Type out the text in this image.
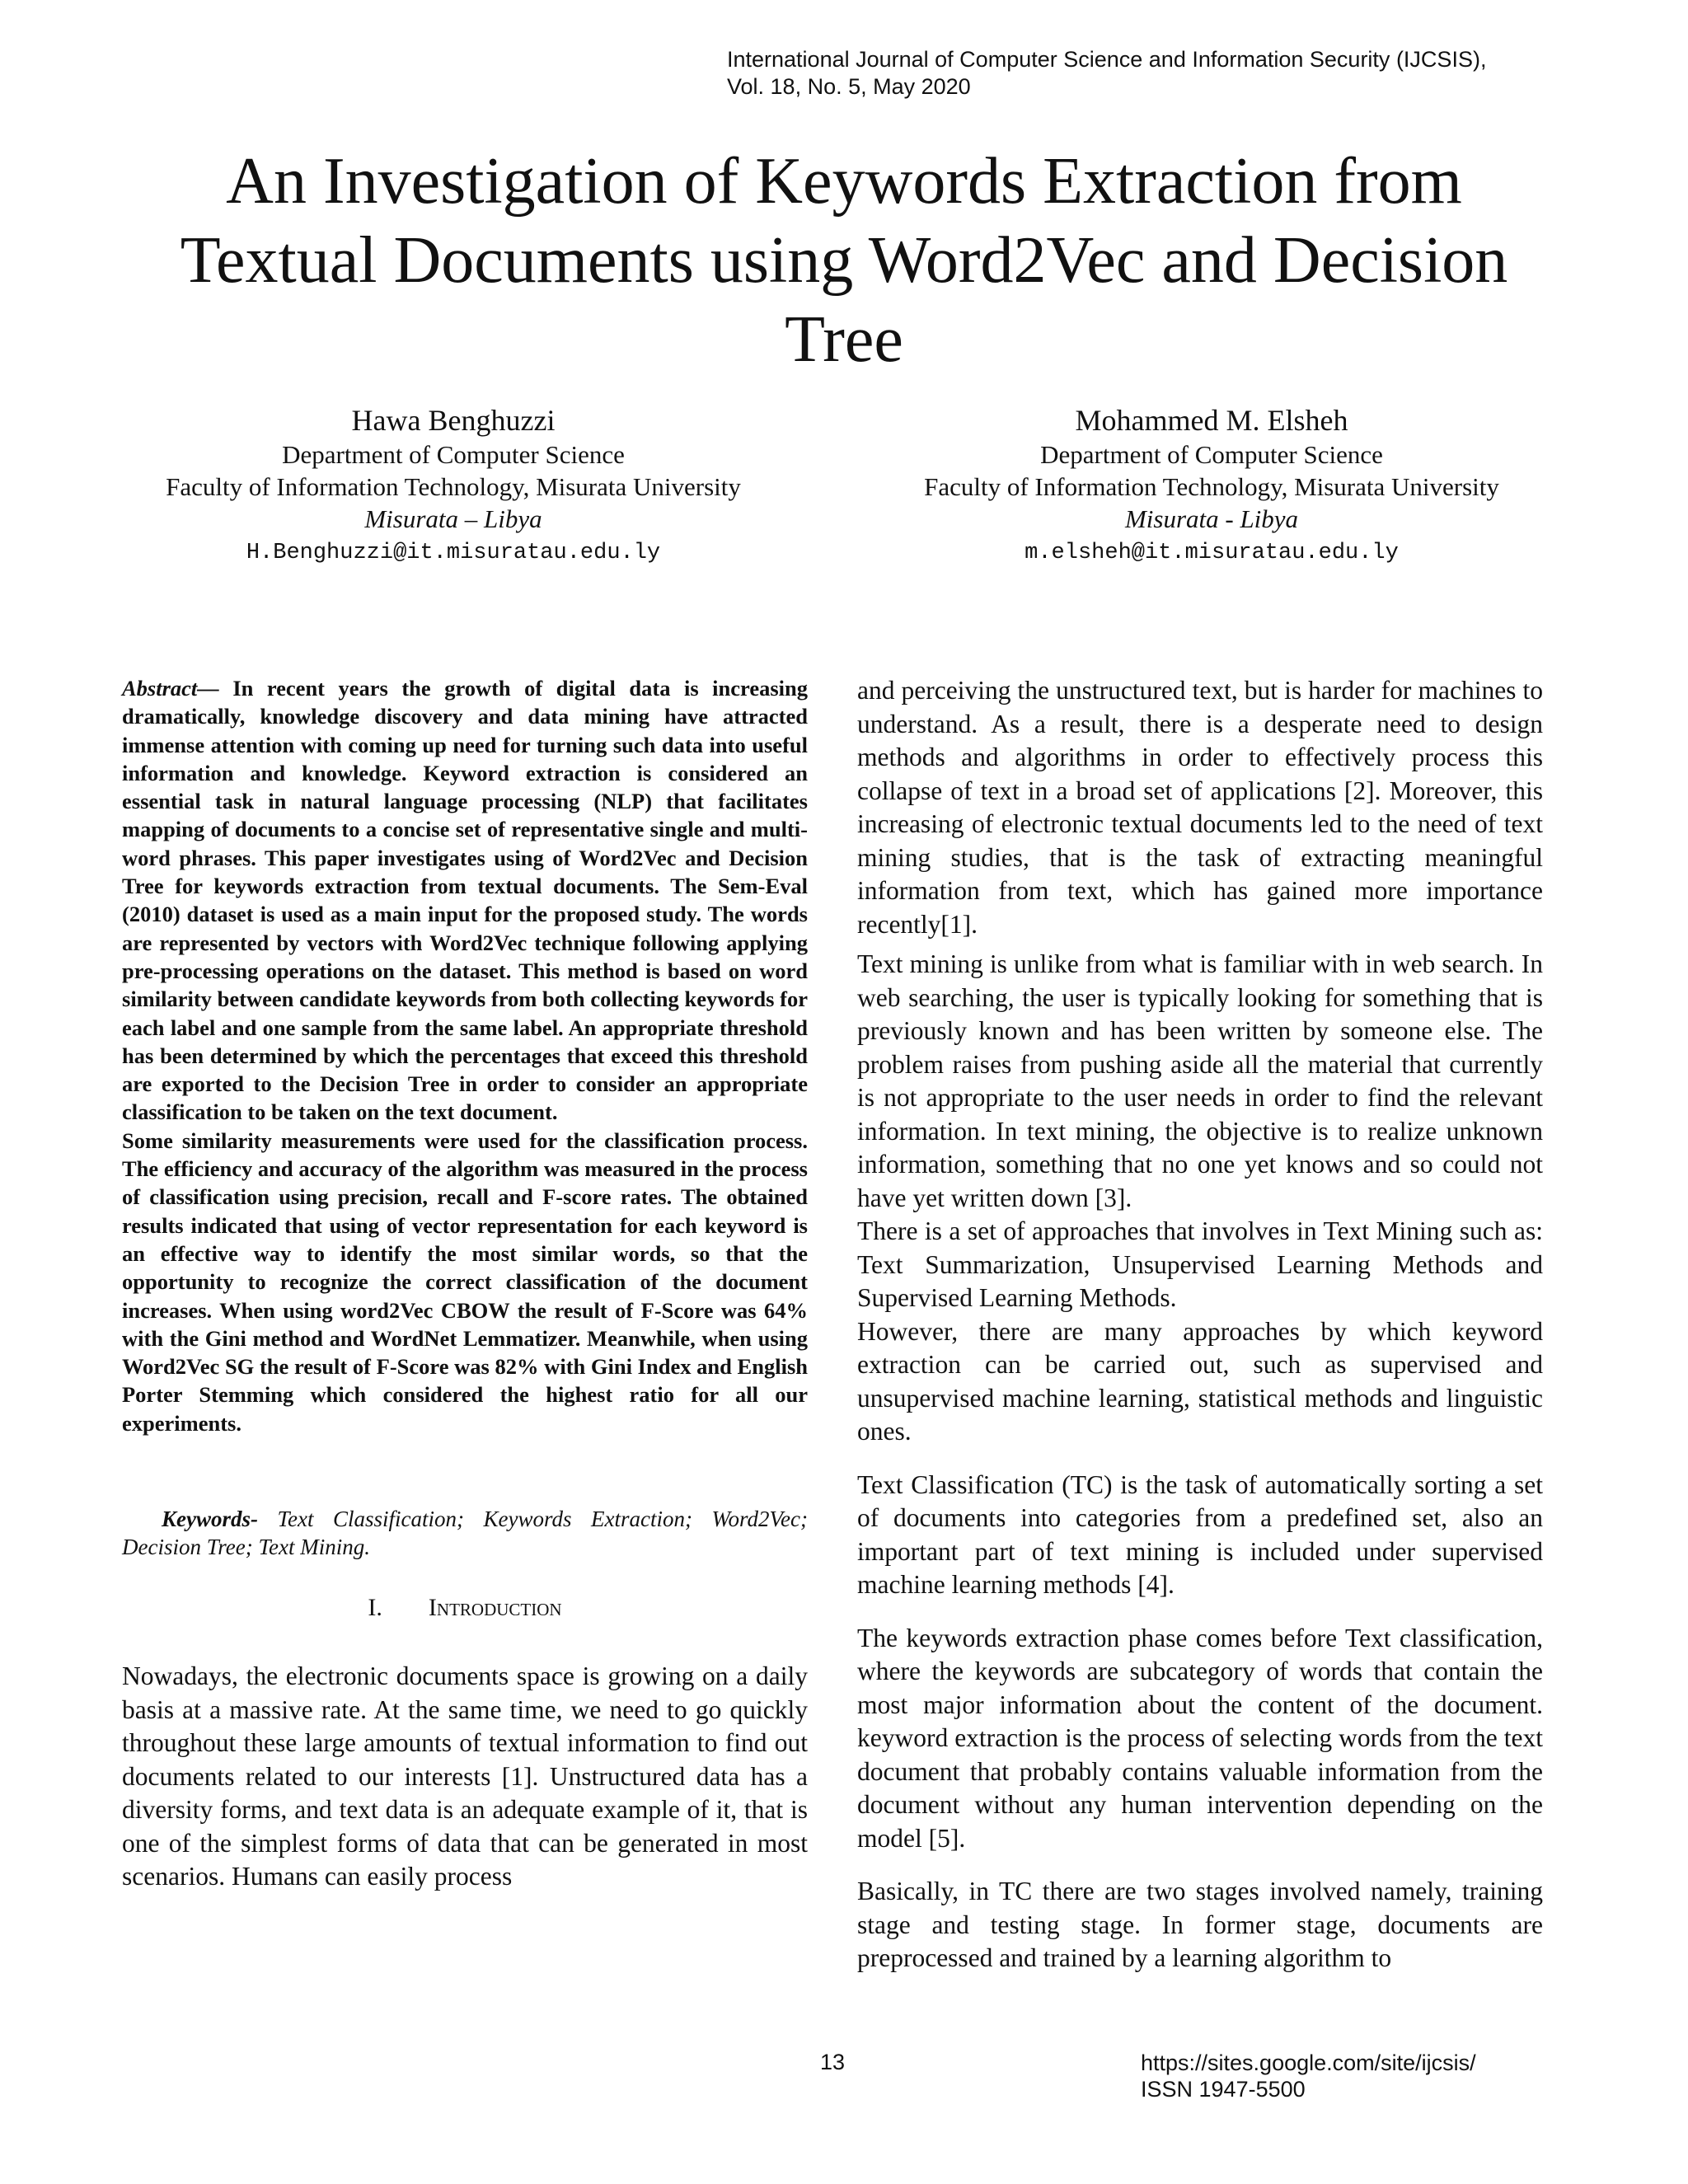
International Journal of Computer Science and Information Security (IJCSIS),
Vol. 18, No. 5, May 2020
An Investigation of Keywords Extraction from
Textual Documents using Word2Vec and Decision
Tree
Hawa Benghuzzi
Department of Computer Science
Faculty of Information Technology, Misurata University
Misurata – Libya
H.Benghuzzi@it.misuratau.edu.ly
Mohammed M. Elsheh
Department of Computer Science
Faculty of Information Technology, Misurata University
Misurata - Libya
m.elsheh@it.misuratau.edu.ly

Abstract— In recent years the growth of digital data is increasing dramatically, knowledge discovery and data mining have attracted immense attention with coming up need for turning such data into useful information and knowledge. Keyword extraction is considered an essential task in natural language processing (NLP) that facilitates mapping of documents to a concise set of representative single and multi-word phrases. This paper investigates using of Word2Vec and Decision Tree for keywords extraction from textual documents. The Sem-Eval (2010) dataset is used as a main input for the proposed study. The words are represented by vectors with Word2Vec technique following applying pre-processing operations on the dataset. This method is based on word similarity between candidate keywords from both collecting keywords for each label and one sample from the same label. An appropriate threshold has been determined by which the percentages that exceed this threshold are exported to the Decision Tree in order to consider an appropriate classification to be taken on the text document.

Some similarity measurements were used for the classification process. The efficiency and accuracy of the algorithm was measured in the process of classification using precision, recall and F-score rates. The obtained results indicated that using of vector representation for each keyword is an effective way to identify the most similar words, so that the opportunity to recognize the correct classification of the document increases. When using word2Vec CBOW the result of F-Score was 64% with the Gini method and WordNet Lemmatizer. Meanwhile, when using Word2Vec SG the result of F-Score was 82% with Gini Index and English Porter Stemming which considered the highest ratio for all our experiments.

Keywords- Text Classification; Keywords Extraction; Word2Vec; Decision Tree; Text Mining.
I. Introduction

Nowadays, the electronic documents space is growing on a daily basis at a massive rate. At the same time, we need to go quickly throughout these large amounts of textual information to find out documents related to our interests [1]. Unstructured data has a diversity forms, and text data is an adequate example of it, that is one of the simplest forms of data that can be generated in most scenarios. Humans can easily process

and perceiving the unstructured text, but is harder for machines to understand. As a result, there is a desperate need to design methods and algorithms in order to effectively process this collapse of text in a broad set of applications [2]. Moreover, this increasing of electronic textual documents led to the need of text mining studies, that is the task of extracting meaningful information from text, which has gained more importance recently[1].

Text mining is unlike from what is familiar with in web search. In web searching, the user is typically looking for something that is previously known and has been written by someone else. The problem raises from pushing aside all the material that currently is not appropriate to the user needs in order to find the relevant information. In text mining, the objective is to realize unknown information, something that no one yet knows and so could not have yet written down [3].

There is a set of approaches that involves in Text Mining such as: Text Summarization, Unsupervised Learning Methods and Supervised Learning Methods.

However, there are many approaches by which keyword extraction can be carried out, such as supervised and unsupervised machine learning, statistical methods and linguistic ones.

Text Classification (TC) is the task of automatically sorting a set of documents into categories from a predefined set, also an important part of text mining is included under supervised machine learning methods [4].

The keywords extraction phase comes before Text classification, where the keywords are subcategory of words that contain the most major information about the content of the document. keyword extraction is the process of selecting words from the text document that probably contains valuable information from the document without any human intervention depending on the model [5].

Basically, in TC there are two stages involved namely, training stage and testing stage. In former stage, documents are preprocessed and trained by a learning algorithm to

13	https://sites.google.com/site/ijcsis/
ISSN 1947-5500
